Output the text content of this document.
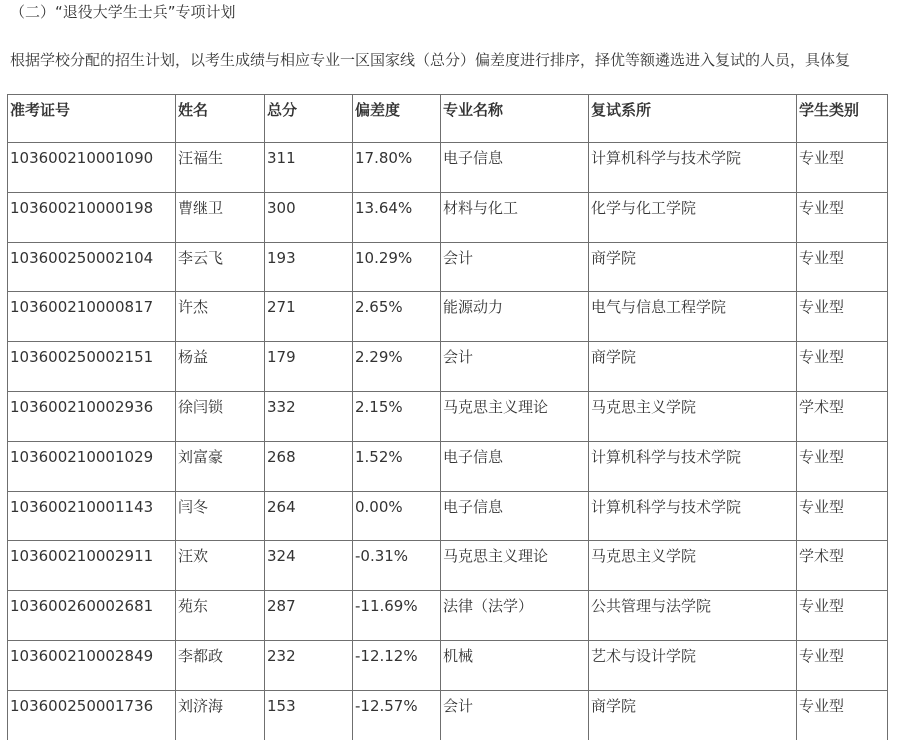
（二）“退役大学生士兵”专项计划
根据学校分配的招生计划，以考生成绩与相应专业一区国家线（总分）偏差度进行排序，择优等额遴选进入复试的人员，具体复
准考证号	姓名	总分	偏差度	专业名称	复试系所	学生类别
103600210001090	汪福生	311	17.80%	电子信息	计算机科学与技术学院	专业型
103600210000198	曹继卫	300	13.64%	材料与化工	化学与化工学院	专业型
103600250002104	李云飞	193	10.29%	会计	商学院	专业型
103600210000817	许杰	271	2.65%	能源动力	电气与信息工程学院	专业型
103600250002151	杨益	179	2.29%	会计	商学院	专业型
103600210002936	徐闫锁	332	2.15%	马克思主义理论	马克思主义学院	学术型
103600210001029	刘富豪	268	1.52%	电子信息	计算机科学与技术学院	专业型
103600210001143	闫冬	264	0.00%	电子信息	计算机科学与技术学院	专业型
103600210002911	汪欢	324	-0.31%	马克思主义理论	马克思主义学院	学术型
103600260002681	苑东	287	-11.69%	法律（法学）	公共管理与法学院	专业型
103600210002849	李都政	232	-12.12%	机械	艺术与设计学院	专业型
103600250001736	刘济海	153	-12.57%	会计	商学院	专业型
